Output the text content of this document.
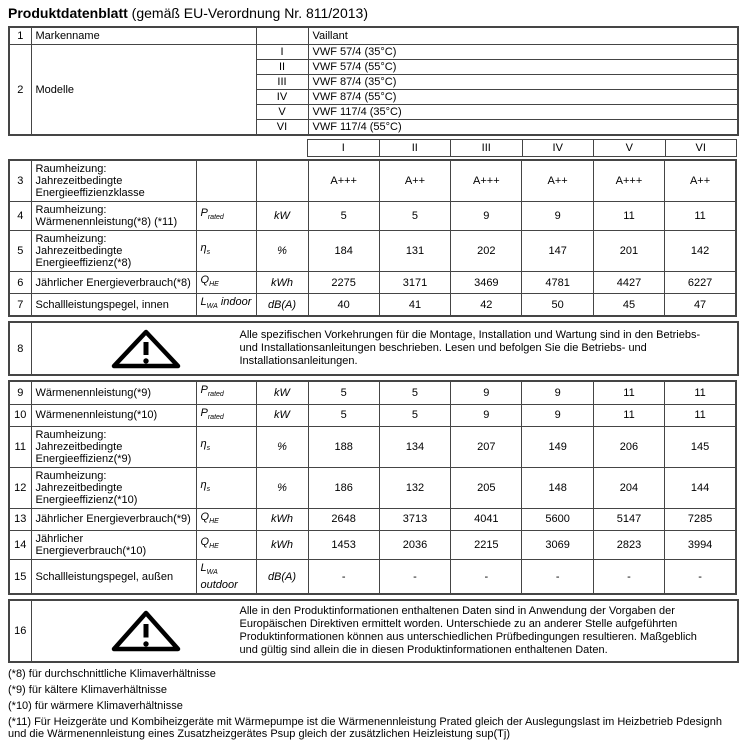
Produktdatenblatt (gemäß EU-Verordnung Nr. 811/2013)
1	Markenname		Vaillant
2	Modelle	I	VWF 57/4 (35°C)
		II	VWF 57/4 (55°C)
		III	VWF 87/4 (35°C)
		IV	VWF 87/4 (55°C)
		V	VWF 117/4 (35°C)
		VI	VWF 117/4 (55°C)
I	II	III	IV	V	VI
3	Raumheizung: Jahrezeitbedingte Energieeffizienzklasse			A+++	A++	A+++	A++	A+++	A++
4	Raumheizung: Wärmenennleistung(*8) (*11)	$P_{rated}$	kW	5	5	9	9	11	11
5	Raumheizung: Jahrezeitbedingte Energieeffizienz(*8)	$\eta_s$	%	184	131	202	147	201	142
6	Jährlicher Energieverbrauch(*8)	$Q_{HE}$	kWh	2275	3171	3469	4781	4427	6227
7	Schallleistungspegel, innen	$L_{WA}$ indoor	dB(A)	40	41	42	50	45	47
8	
Alle spezifischen Vorkehrungen für die Montage, Installation und Wartung sind in den Betriebs- und Installationsanleitungen beschrieben. Lesen und befolgen Sie die Betriebs- und Installationsanleitungen.
9	Wärmenennleistung(*9)	$P_{rated}$	kW	5	5	9	9	11	11
10	Wärmenennleistung(*10)	$P_{rated}$	kW	5	5	9	9	11	11
11	Raumheizung: Jahrezeitbedingte Energieeffizienz(*9)	$\eta_s$	%	188	134	207	149	206	145
12	Raumheizung: Jahrezeitbedingte Energieeffizienz(*10)	$\eta_s$	%	186	132	205	148	204	144
13	Jährlicher Energieverbrauch(*9)	$Q_{HE}$	kWh	2648	3713	4041	5600	5147	7285
14	Jährlicher Energieverbrauch(*10)	$Q_{HE}$	kWh	1453	2036	2215	3069	2823	3994
15	Schallleistungspegel, außen	$L_{WA}$ outdoor	dB(A)	-	-	-	-	-	-
16	
Alle in den Produktinformationen enthaltenen Daten sind in Anwendung der Vorgaben der Europäischen Direktiven ermittelt worden. Unterschiede zu an anderer Stelle aufgeführten Produktinformationen können aus unterschiedlichen Prüfbedingungen resultieren. Maßgeblich und gültig sind allein die in diesen Produktinformationen enthaltenen Daten.

(*8) für durchschnittliche Klimaverhältnisse

(*9) für kältere Klimaverhältnisse

(*10) für wärmere Klimaverhältnisse

(*11) Für Heizgeräte und Kombiheizgeräte mit Wärmepumpe ist die Wärmenennleistung Prated gleich der Auslegungslast im Heizbetrieb Pdesignh und die Wärmenennleistung eines Zusatzheizgerätes Psup gleich der zusätzlichen Heizleistung sup(Tj)
